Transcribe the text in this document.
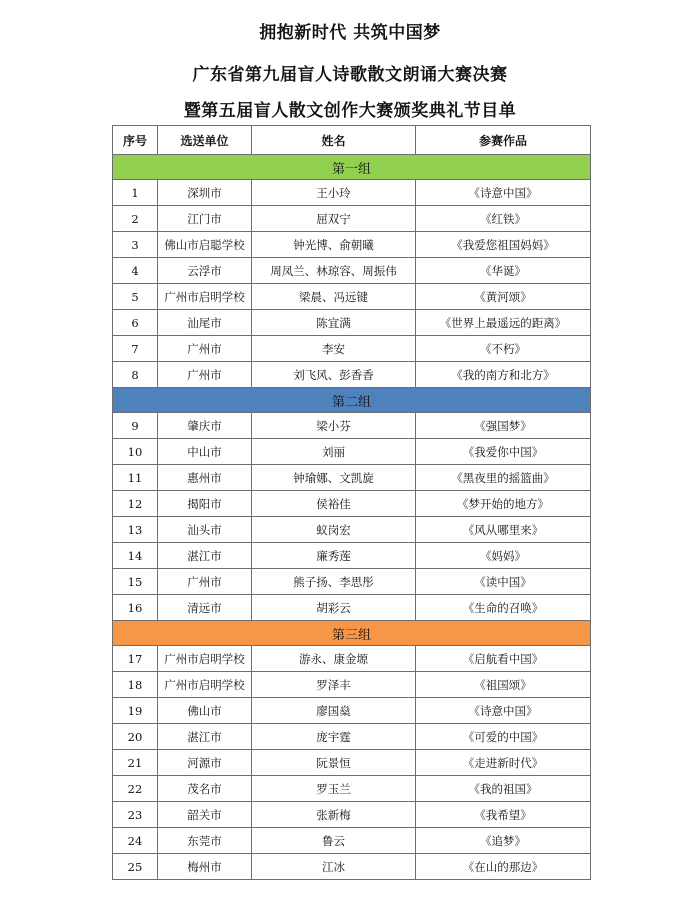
拥抱新时代 共筑中国梦
广东省第九届盲人诗歌散文朗诵大赛决赛
暨第五届盲人散文创作大赛颁奖典礼节目单
序号	选送单位	姓名	参赛作品
第一组			
1	深圳市	王小玲	《诗意中国》
2	江门市	屈双宁	《红铁》
3	佛山市启聪学校	钟光博、俞朝曦	《我爱您祖国妈妈》
4	云浮市	周凤兰、林琼容、周振伟	《华诞》
5	广州市启明学校	梁晨、冯远键	《黄河颂》
6	汕尾市	陈宜满	《世界上最遥远的距离》
7	广州市	李安	《不朽》
8	广州市	刘飞风、彭香香	《我的南方和北方》
第二组			
9	肇庆市	梁小芬	《强国梦》
10	中山市	刘丽	《我爱你中国》
11	惠州市	钟瑜娜、文凯旋	《黑夜里的摇篮曲》
12	揭阳市	侯裕佳	《梦开始的地方》
13	汕头市	蚁岗宏	《风从哪里来》
14	湛江市	廉秀莲	《妈妈》
15	广州市	熊子扬、李思彤	《读中国》
16	清远市	胡彩云	《生命的召唤》
第三组			
17	广州市启明学校	游永、康金塬	《启航看中国》
18	广州市启明学校	罗泽丰	《祖国颂》
19	佛山市	廖国燊	《诗意中国》
20	湛江市	庞宇霆	《可爱的中国》
21	河源市	阮景恒	《走进新时代》
22	茂名市	罗玉兰	《我的祖国》
23	韶关市	张新梅	《我希望》
24	东莞市	鲁云	《追梦》
25	梅州市	江冰	《在山的那边》
